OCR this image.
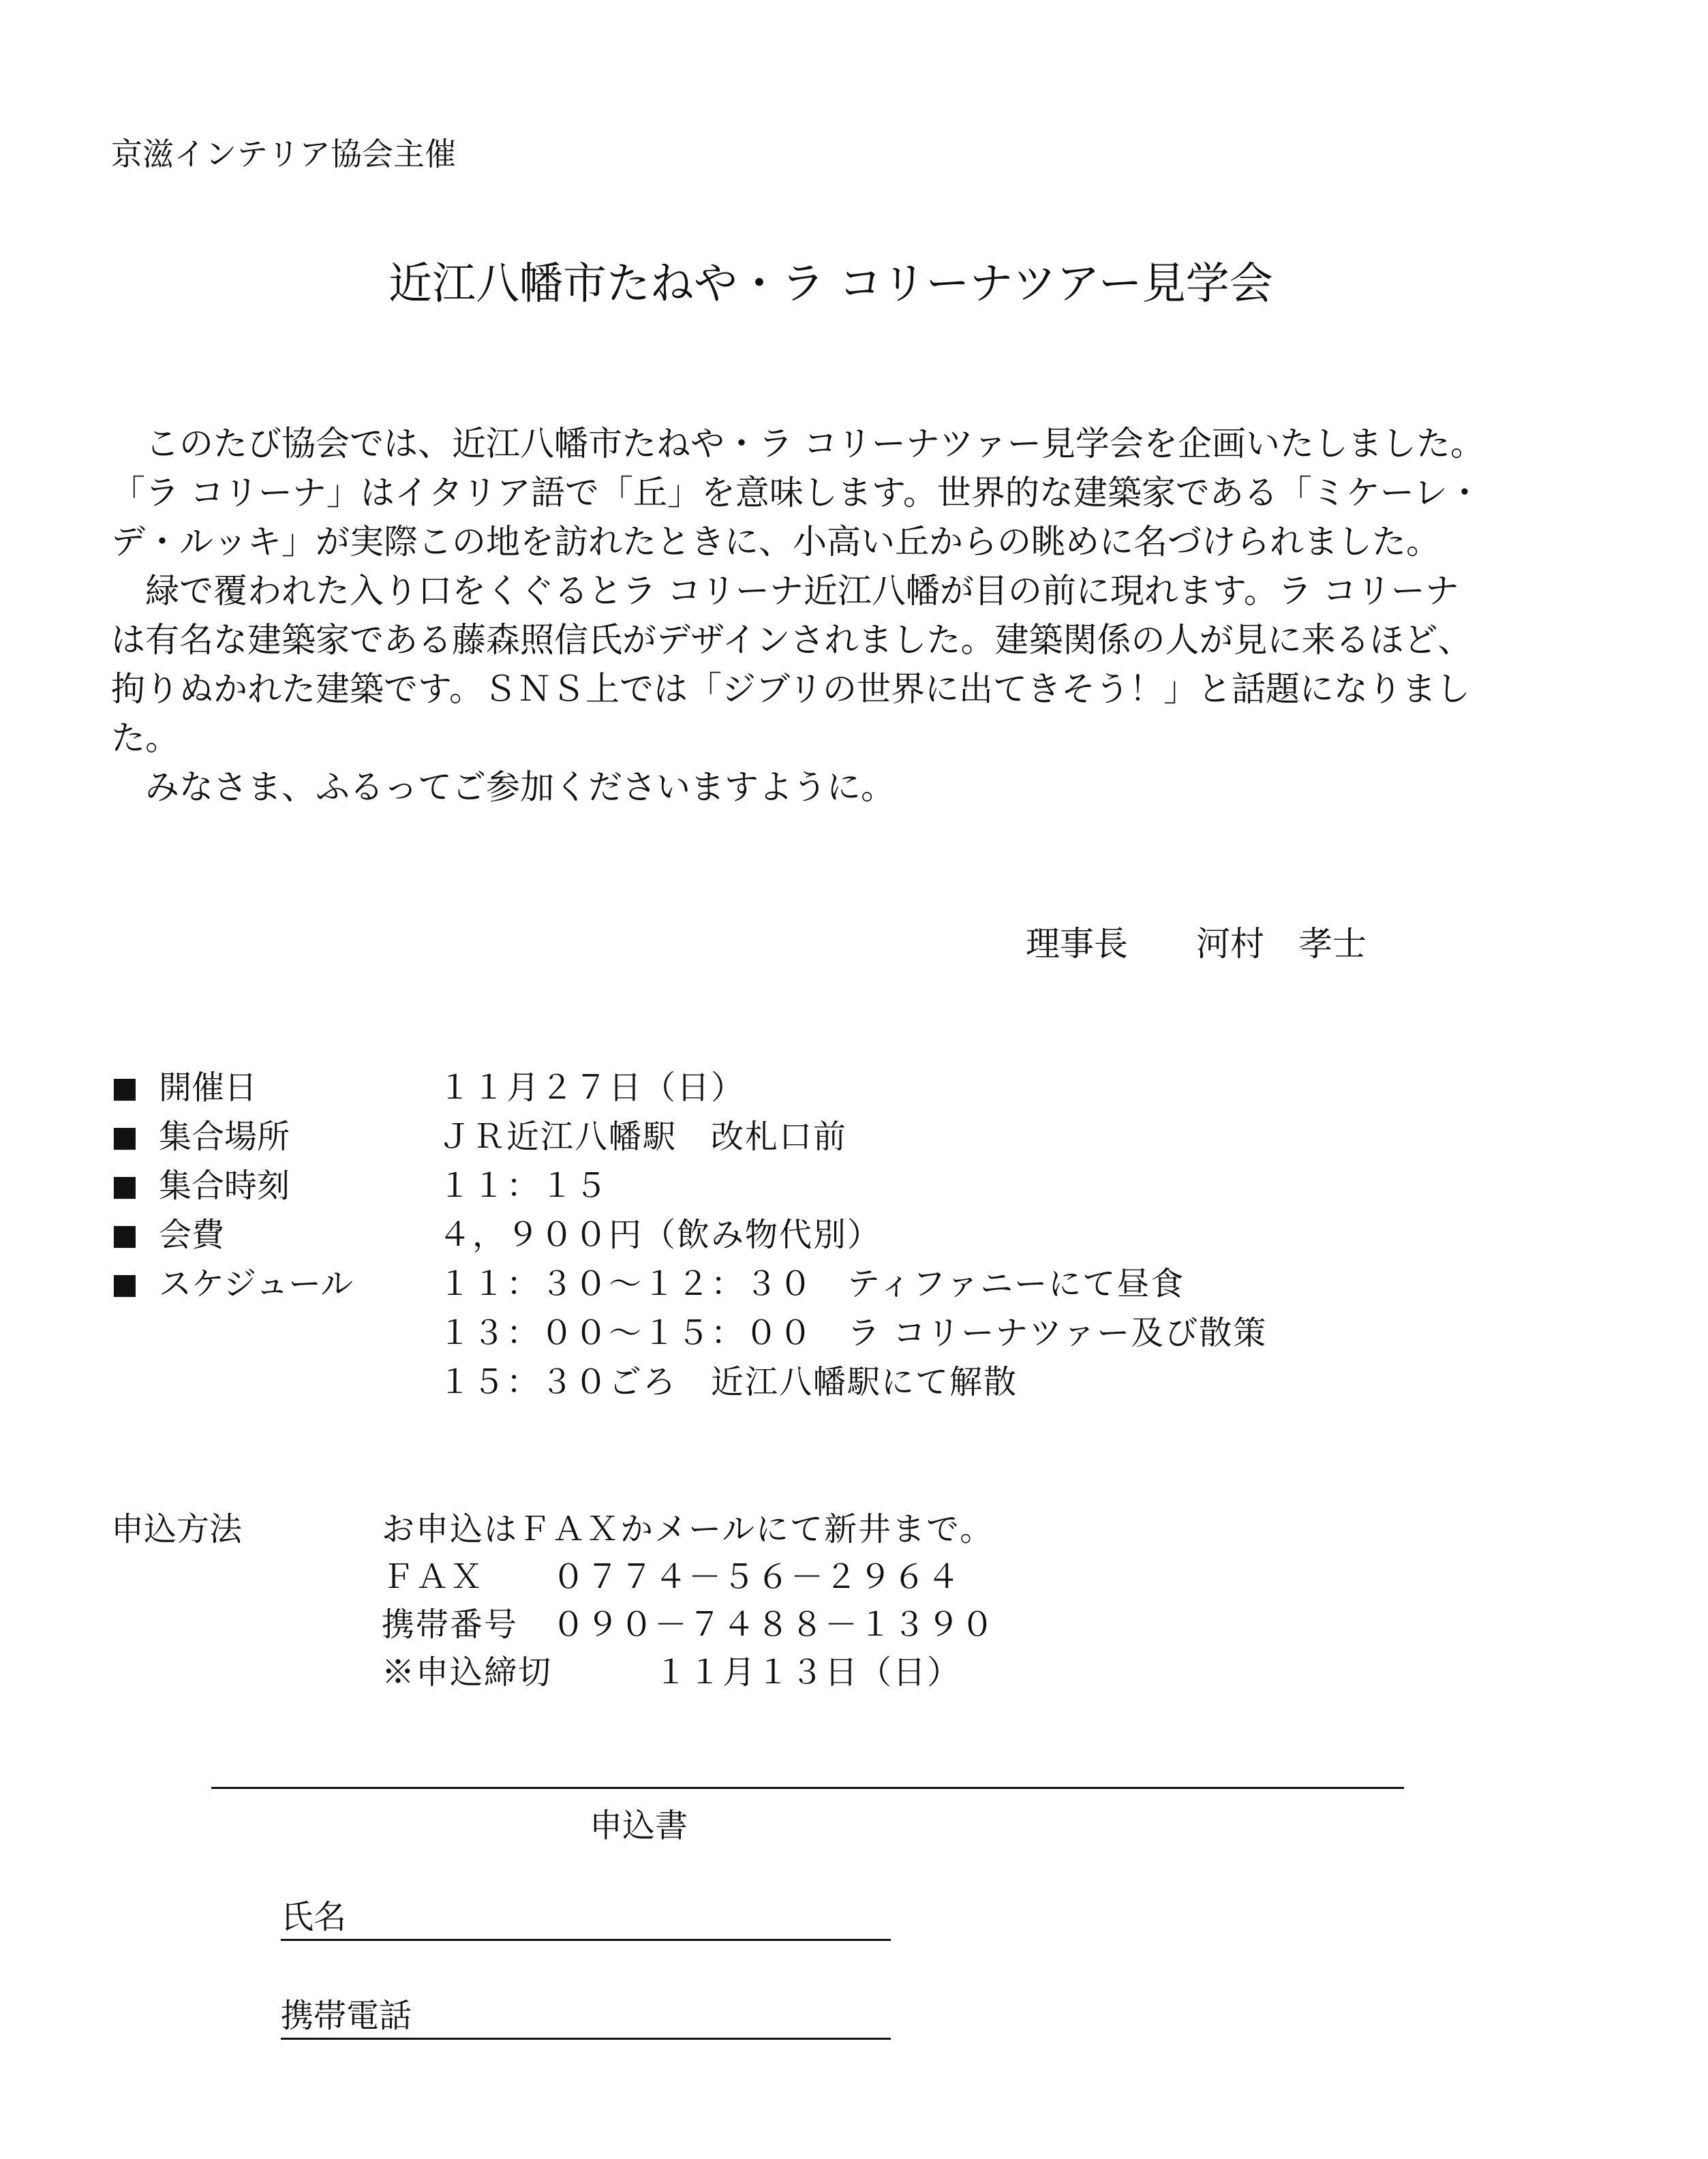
京滋インテリア協会主催
近江八幡市たねや・ラ コリーナツアー見学会

　このたび協会では、近江八幡市たねや・ラ コリーナツァー見学会を企画いたしました。

「ラ コリーナ」はイタリア語で「丘」を意味します。世界的な建築家である「ミケーレ・

デ・ルッキ」が実際この地を訪れたときに、小高い丘からの眺めに名づけられました。

　緑で覆われた入り口をくぐるとラ コリーナ近江八幡が目の前に現れます。ラ コリーナ

は有名な建築家である藤森照信氏がデザインされました。建築関係の人が見に来るほど、

拘りぬかれた建築です。ＳＮＳ上では「ジブリの世界に出てきそう！」と話題になりまし

た。

　みなさま、ふるってご参加くださいますように。

理事長 河村　孝士
■ 開催日	１１月２７日（日）
■ 集合場所	ＪＲ近江八幡駅　改札口前
■ 集合時刻	１１：１５
■ 会費	４，９００円（飲み物代別）
■ スケジュール	１１：３０〜１２：３０　ティファニーにて昼食
１３：００〜１５：００　ラ コリーナツァー及び散策
１５：３０ごろ　近江八幡駅にて解散
申込方法	お申込はＦＡＸかメールにて新井まで。
ＦＡＸ ０７７４－５６－２９６４
携帯番号 ０９０－７４８８－１３９０
※申込締切	１１月１３日（日）
申込書
氏名
携帯電話
